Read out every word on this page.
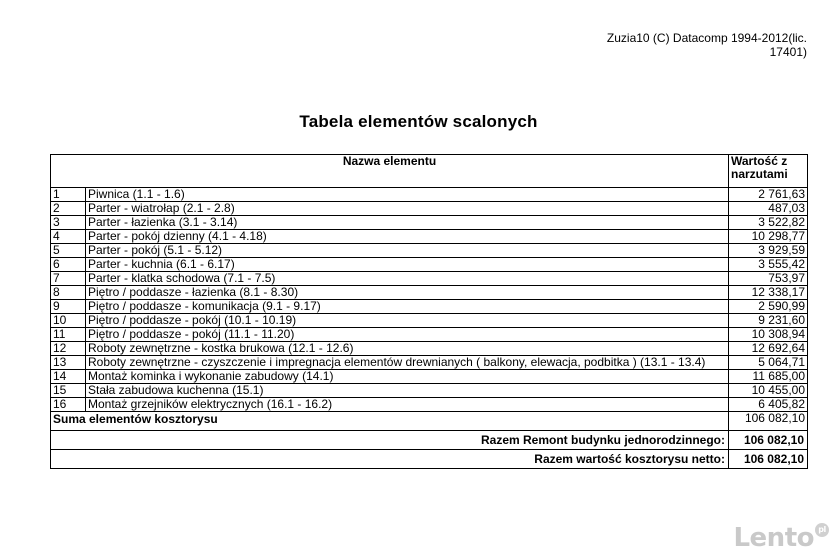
Zuzia10 (C) Datacomp 1994-2012(lic.
17401)
Tabela elementów scalonych
Nazwa elementu		Wartość z narzutami
1	Piwnica (1.1 - 1.6)	2 761,63
2	Parter - wiatrołap (2.1 - 2.8)	487,03
3	Parter - łazienka (3.1 - 3.14)	3 522,82
4	Parter - pokój dzienny (4.1 - 4.18)	10 298,77
5	Parter - pokój (5.1 - 5.12)	3 929,59
6	Parter - kuchnia (6.1 - 6.17)	3 555,42
7	Parter - klatka schodowa (7.1 - 7.5)	753,97
8	Piętro / poddasze - łazienka (8.1 - 8.30)	12 338,17
9	Piętro / poddasze - komunikacja (9.1 - 9.17)	2 590,99
10	Piętro / poddasze - pokój (10.1 - 10.19)	9 231,60
11	Piętro / poddasze - pokój (11.1 - 11.20)	10 308,94
12	Roboty zewnętrzne - kostka brukowa (12.1 - 12.6)	12 692,64
13	Roboty zewnętrzne - czyszczenie i impregnacja elementów drewnianych ( balkony, elewacja, podbitka ) (13.1 - 13.4)	5 064,71
14	Montaż kominka i wykonanie zabudowy (14.1)	11 685,00
15	Stała zabudowa kuchenna (15.1)	10 455,00
16	Montaż grzejników elektrycznych (16.1 - 16.2)	6 405,82
Suma elementów kosztorysu		106 082,10
Razem Remont budynku jednorodzinnego:		106 082,10
Razem wartość kosztorysu netto:		106 082,10
Lento pl
